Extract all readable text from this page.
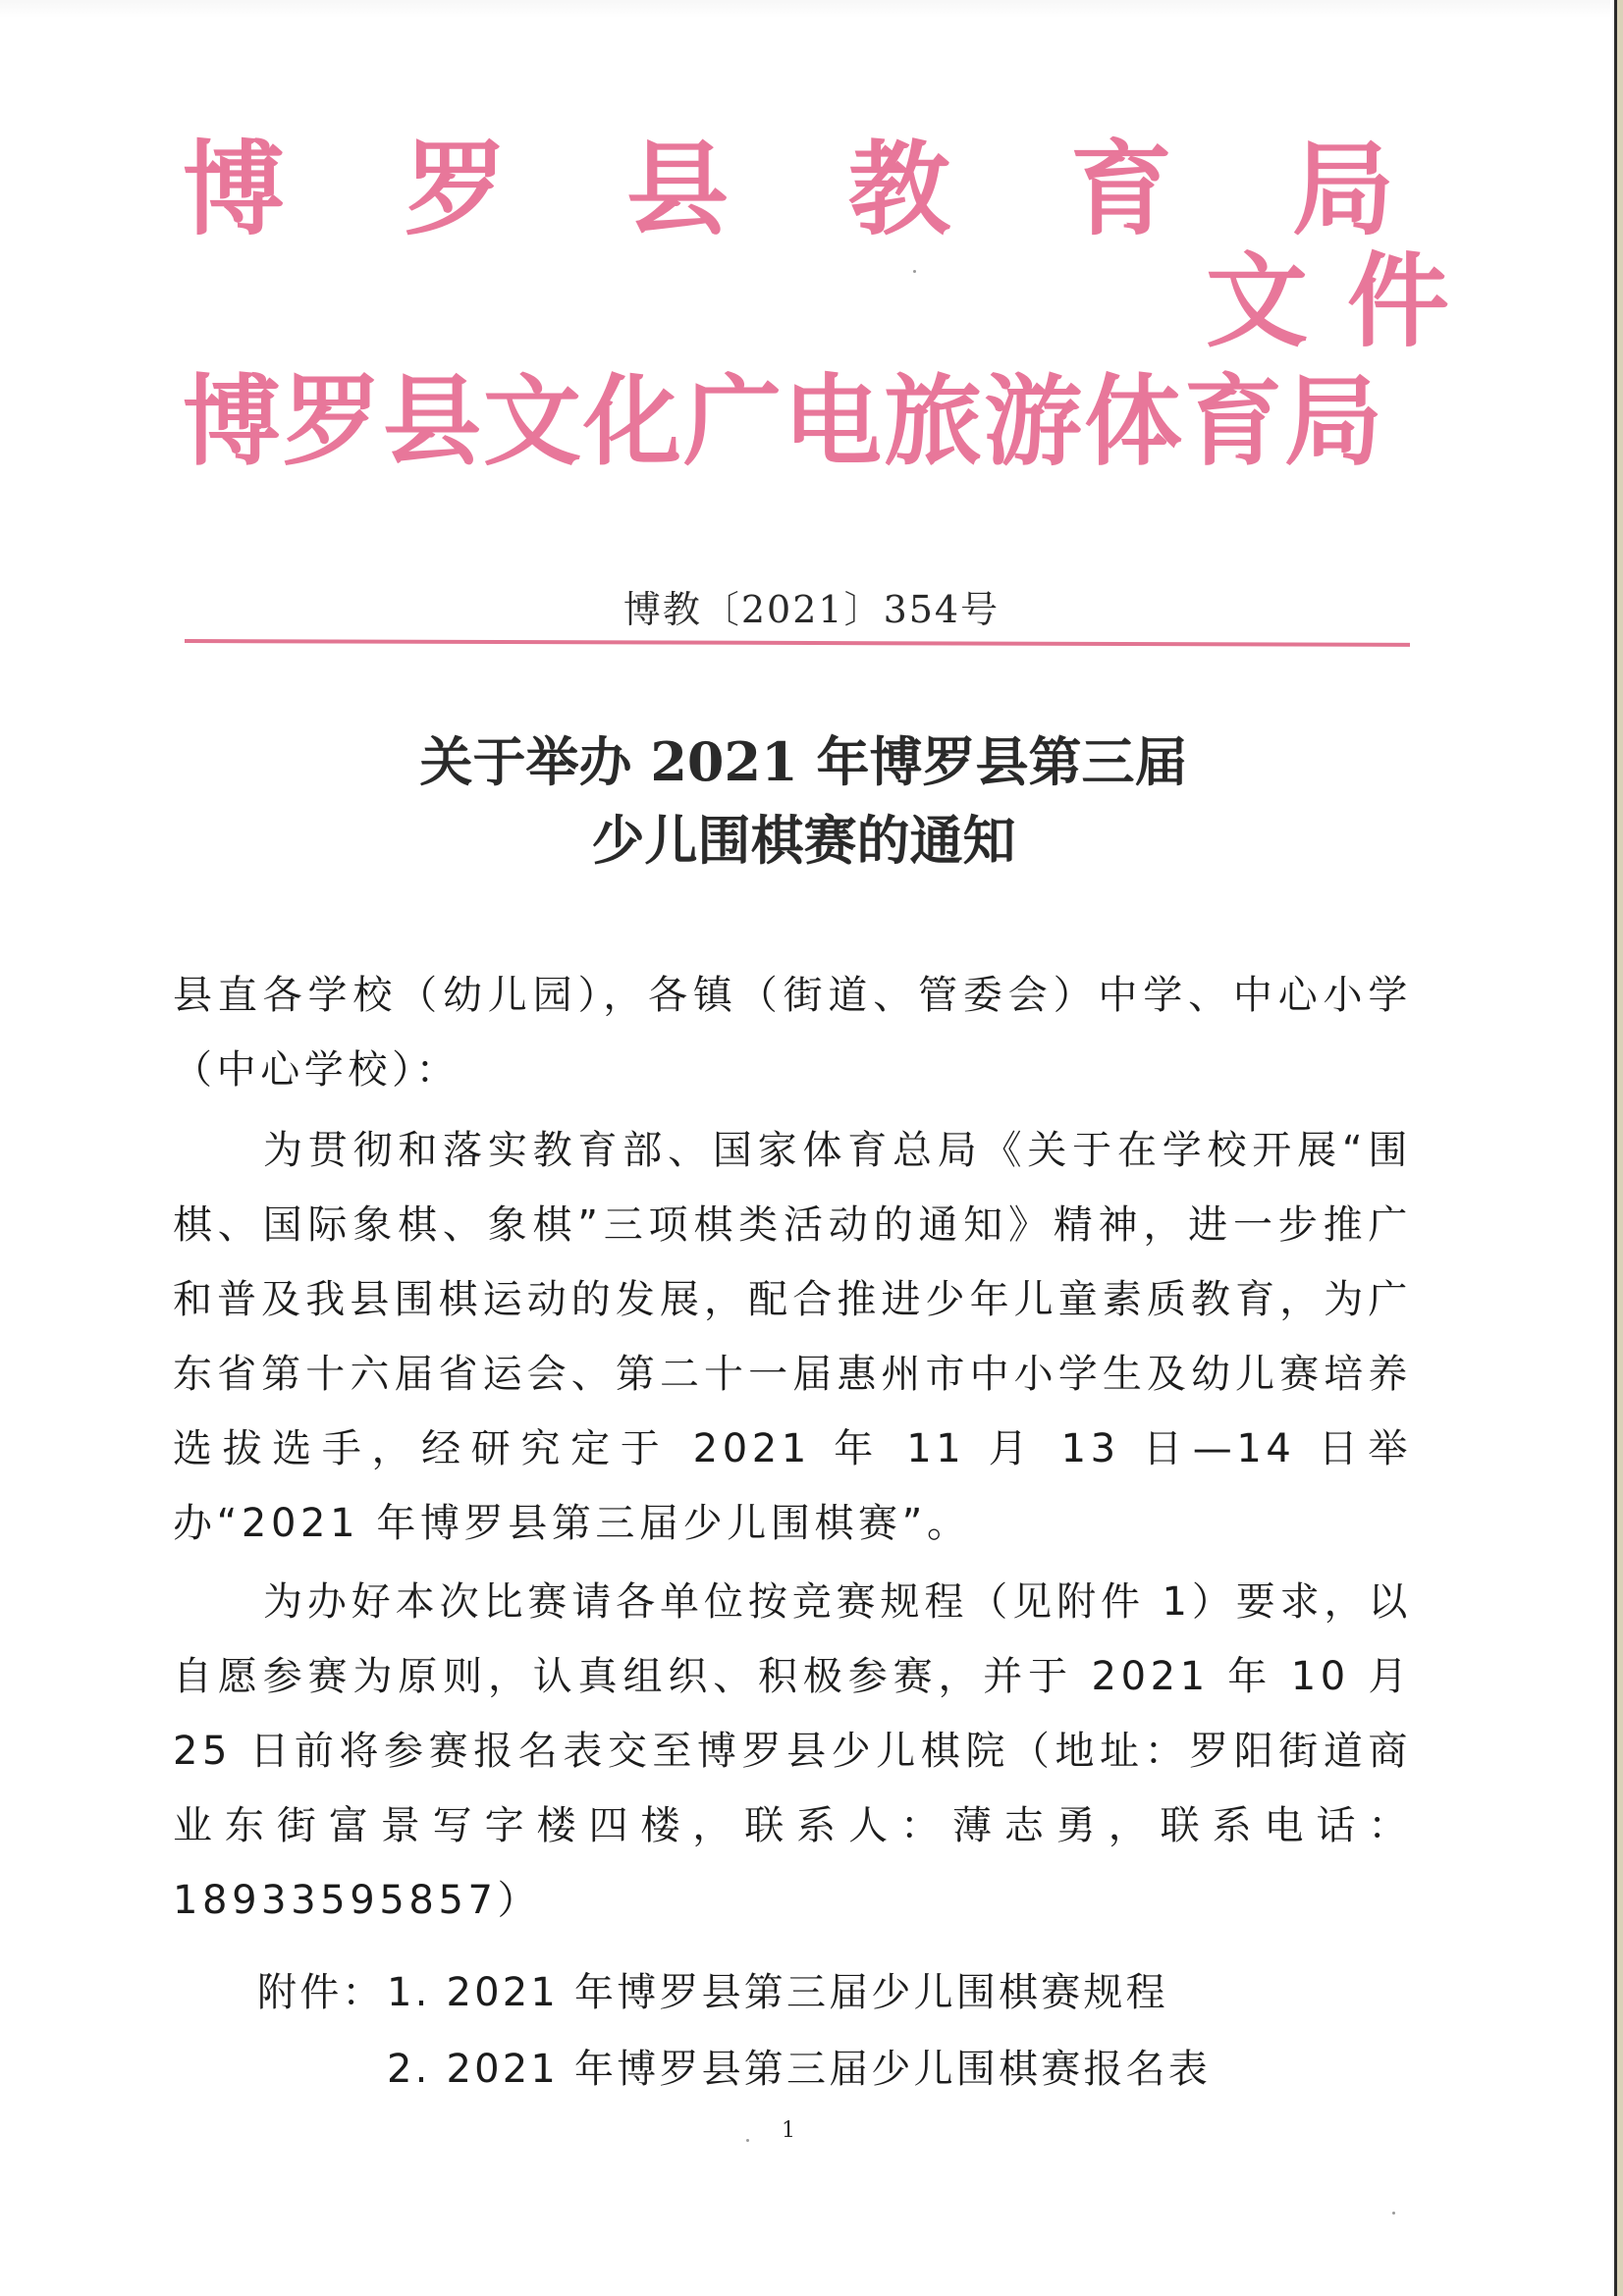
博罗县教育局
文件
博罗县文化广电旅游体育局
博教〔2021〕354号
关于举办 2021 年博罗县第三届
少儿围棋赛的通知
县直各学校（幼儿园），各镇（街道、管委会）中学、中心小学（中心学校）：
为贯彻和落实教育部、国家体育总局《关于在学校开展“围棋、国际象棋、象棋”三项棋类活动的通知》精神，进一步推广和普及我县围棋运动的发展，配合推进少年儿童素质教育，为广东省第十六届省运会、第二十一届惠州市中小学生及幼儿赛培养选拔选手，经研究定于 2021 年 11 月 13 日—14 日举办“2021 年博罗县第三届少儿围棋赛”。
为办好本次比赛请各单位按竞赛规程（见附件 1）要求，以自愿参赛为原则，认真组织、积极参赛，并于 2021 年 10 月 25 日前将参赛报名表交至博罗县少儿棋院（地址：罗阳街道商业东街富景写字楼四楼，联系人：薄志勇，联系电话：18933595857）
附件： 1. 2021 年博罗县第三届少儿围棋赛规程
2. 2021 年博罗县第三届少儿围棋赛报名表
1
